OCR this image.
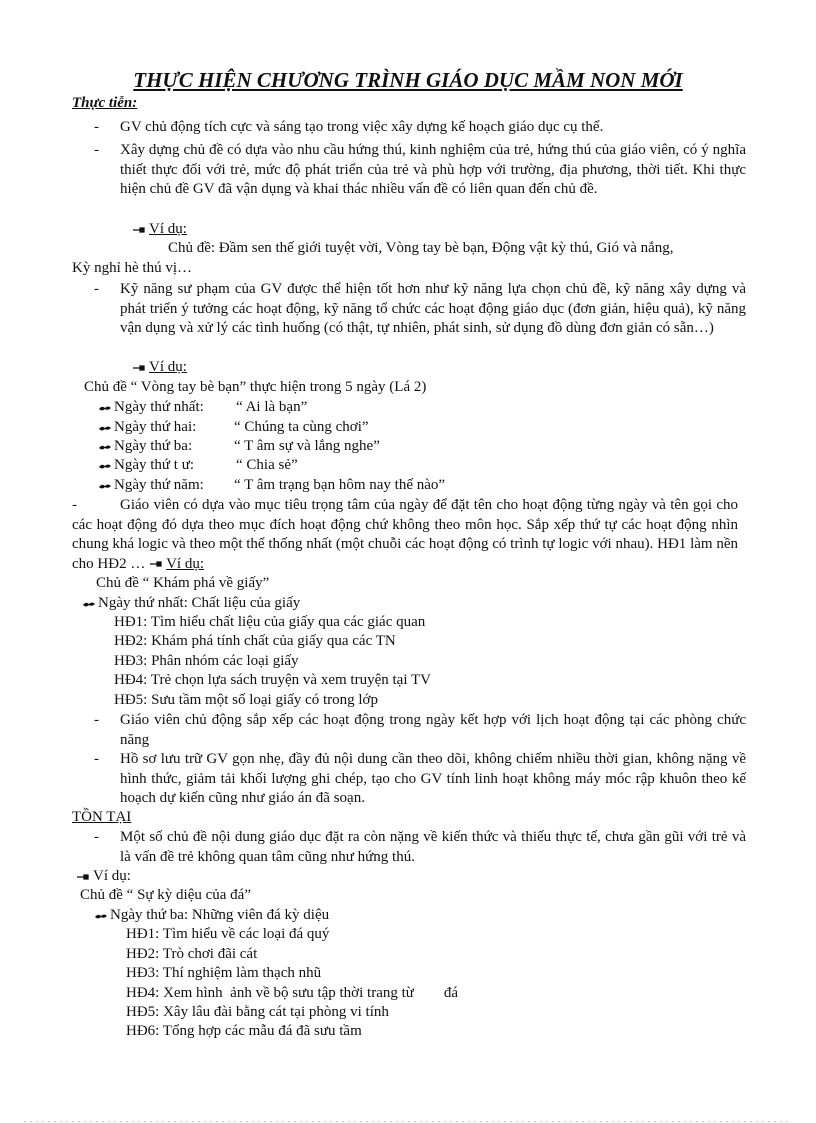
THỰC HIỆN CHƯƠNG TRÌNH GIÁO DỤC MẦM NON MỚI
Thực tiễn:
- GV chủ động tích cực và sáng tạo trong việc xây dựng kế hoạch giáo dục cụ thể.
- Xây dựng chủ đề có dựa vào nhu cầu hứng thú, kinh nghiệm của trẻ, hứng thú của giáo viên, có ý nghĩa thiết thực đối với trẻ, mức độ phát triển của trẻ và phù hợp với trường, địa phương, thời tiết. Khi thực hiện chủ đề GV đã vận dụng và khai thác nhiều vấn đề có liên quan đến chủ đề.
Ví dụ:
Chủ đề: Đầm sen thế giới tuyệt vời, Vòng tay bè bạn, Động vật kỳ thú, Gió và nắng,
Kỳ nghỉ hè thú vị…
- Kỹ năng sư phạm của GV được thể hiện tốt hơn như kỹ năng lựa chọn chủ đề, kỹ năng xây dựng và phát triển ý tưởng các hoạt động, kỹ năng tổ chức các hoạt động giáo dục (đơn giản, hiệu quả), kỹ năng vận dụng và xử lý các tình huống (có thật, tự nhiên, phát sinh, sử dụng đồ dùng đơn giản có sẵn…)
Ví dụ:
Chủ đề “ Vòng tay bè bạn” thực hiện trong 5 ngày (Lá 2)
Ngày thứ nhất: “ Ai là bạn”
Ngày thứ hai:	“ Chúng ta cùng chơi”
Ngày thứ ba:	“ T âm sự và lắng nghe”
Ngày thứ t ư:	“ Chia sẻ”
Ngày thứ năm: “ T âm trạng bạn hôm nay thế nào”
-	Giáo viên có dựa vào mục tiêu trọng tâm của ngày để đặt tên cho hoạt động từng ngày và tên gọi cho các hoạt động đó dựa theo mục đích hoạt động chứ không theo môn học. Sắp xếp thứ tự các hoạt động nhìn chung khá logic và theo một thể thống nhất (một chuỗi các hoạt động có trình tự logic với nhau). HĐ1 làm nền cho HĐ2 … Ví dụ:
Chủ đề “ Khám phá về giấy”
Ngày thứ nhất: Chất liệu của giấy
HĐ1: Tìm hiểu chất liệu của giấy qua các giác quan
HĐ2: Khám phá tính chất của giấy qua các TN
HĐ3: Phân nhóm các loại giấy
HĐ4: Trẻ chọn lựa sách truyện và xem truyện tại TV
HĐ5: Sưu tầm một số loại giấy có trong lớp
- Giáo viên chủ động sắp xếp các hoạt động trong ngày kết hợp với lịch hoạt động tại các phòng chức năng
- Hồ sơ lưu trữ GV gọn nhẹ, đầy đủ nội dung cần theo dõi, không chiếm nhiều thời gian, không nặng về hình thức, giảm tải khối lượng ghi chép, tạo cho GV tính linh hoạt không máy móc rập khuôn theo kế hoạch dự kiến cũng như giáo án đã soạn.
TỒN TẠI
- Một số chủ đề nội dung giáo dục đặt ra còn nặng về kiến thức và thiếu thực tế, chưa gần gũi với trẻ và là vấn đề trẻ không quan tâm cũng như hứng thú.
Ví dụ:
Chủ đề “ Sự kỳ diệu của đá”
Ngày thứ ba: Những viên đá kỳ diệu
HĐ1: Tìm hiểu về các loại đá quý
HĐ2: Trò chơi đãi cát
HĐ3: Thí nghiệm làm thạch nhũ
HĐ4: Xem hình  ảnh về bộ sưu tập thời trang từ        đá
HĐ5: Xây lâu đài bằng cát tại phòng vi tính
HĐ6: Tổng hợp các mẫu đá đã sưu tầm
